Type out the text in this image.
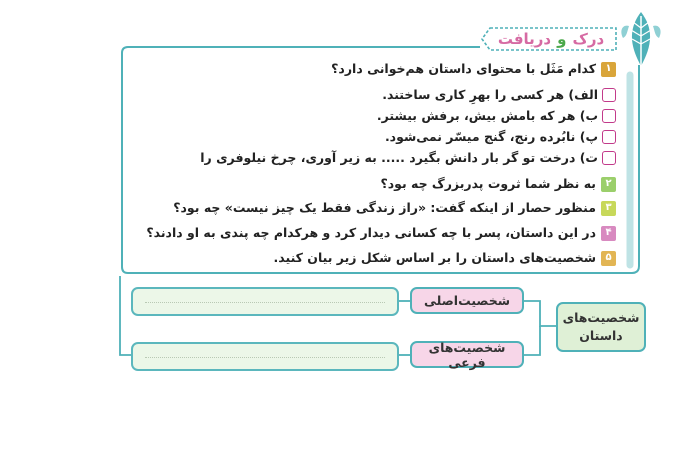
درک
و
دریافت
۱
کدام مَثَل با محتوای داستان هم‌خوانی دارد؟
الف) هر کسی را بهرِ کاری ساختند.
ب) هر که بامش بیش، برفش بیشتر.
پ) نابُرده رنج، گنج میسّر نمی‌شود.
ت) درخت تو گر بار دانش بگیرد ..... به زیر آوری، چرخ نیلوفری را
۲
به نظر شما ثروت پدربزرگ چه بود؟
۳
منظور حصار از اینکه گفت: «راز زندگی فقط یک چیز نیست» چه بود؟
۴
در این داستان، پسر با چه کسانی دیدار کرد و هرکدام چه پندی به او دادند؟
۵
شخصیت‌های داستان را بر اساس شکل زیر بیان کنید.
شخصیت‌های
داستان
شخصیت‌اصلی
شخصیت‌های فرعی
